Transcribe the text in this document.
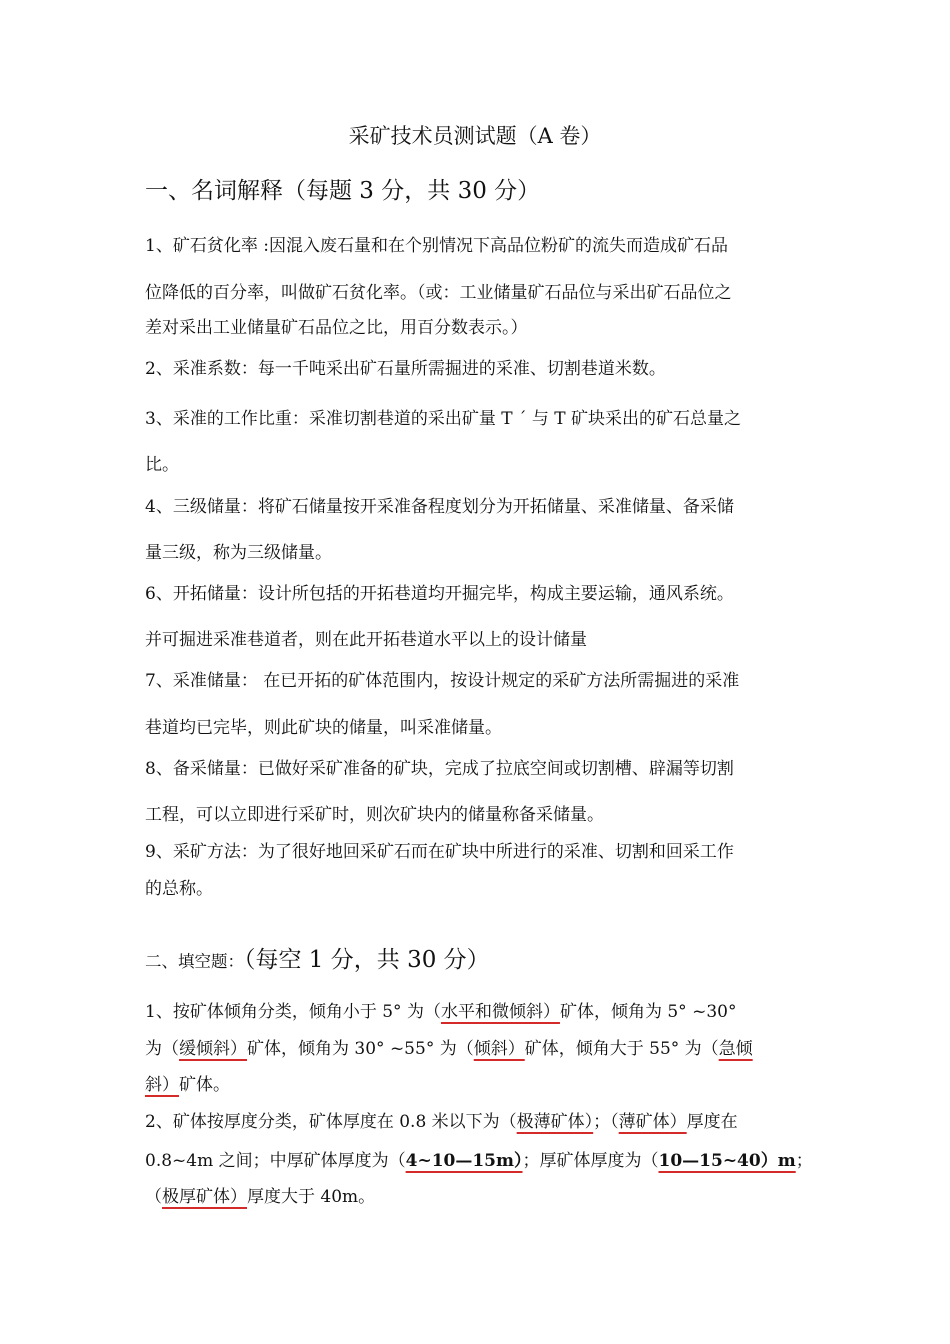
采矿技术员测试题（A 卷）
一、名词解释（每题 3 分，共 30 分）
1、矿石贫化率 :因混入废石量和在个别情况下高品位粉矿的流失而造成矿石品
位降低的百分率，叫做矿石贫化率。（或：工业储量矿石品位与采出矿石品位之
差对采出工业储量矿石品位之比，用百分数表示。）
2、采准系数：每一千吨采出矿石量所需掘进的采准、切割巷道米数。
3、采准的工作比重：采准切割巷道的采出矿量 T ˊ 与 T 矿块采出的矿石总量之
比。
4、三级储量：将矿石储量按开采准备程度划分为开拓储量、采准储量、备采储
量三级，称为三级储量。
6、开拓储量：设计所包括的开拓巷道均开掘完毕，构成主要运输，通风系统。
并可掘进采准巷道者，则在此开拓巷道水平以上的设计储量
7、采准储量： 在已开拓的矿体范围内，按设计规定的采矿方法所需掘进的采准
巷道均已完毕，则此矿块的储量，叫采准储量。
8、备采储量：已做好采矿准备的矿块，完成了拉底空间或切割槽、辟漏等切割
工程，可以立即进行采矿时，则次矿块内的储量称备采储量。
9、采矿方法：为了很好地回采矿石而在矿块中所进行的采准、切割和回采工作
的总称。
二、填空题：（每空 1 分，共 30 分）
1、按矿体倾角分类，倾角小于 5° 为（水平和微倾斜）矿体，倾角为 5° ~30°
为（缓倾斜）矿体，倾角为 30° ~55° 为（倾斜）矿体，倾角大于 55° 为（急倾
斜）矿体。
2、矿体按厚度分类，矿体厚度在 0.8 米以下为（极薄矿体）；（薄矿体）厚度在
0.8~4m 之间；中厚矿体厚度为（4~10—15m）；厚矿体厚度为（10—15~40）m；
（极厚矿体）厚度大于 40m。
